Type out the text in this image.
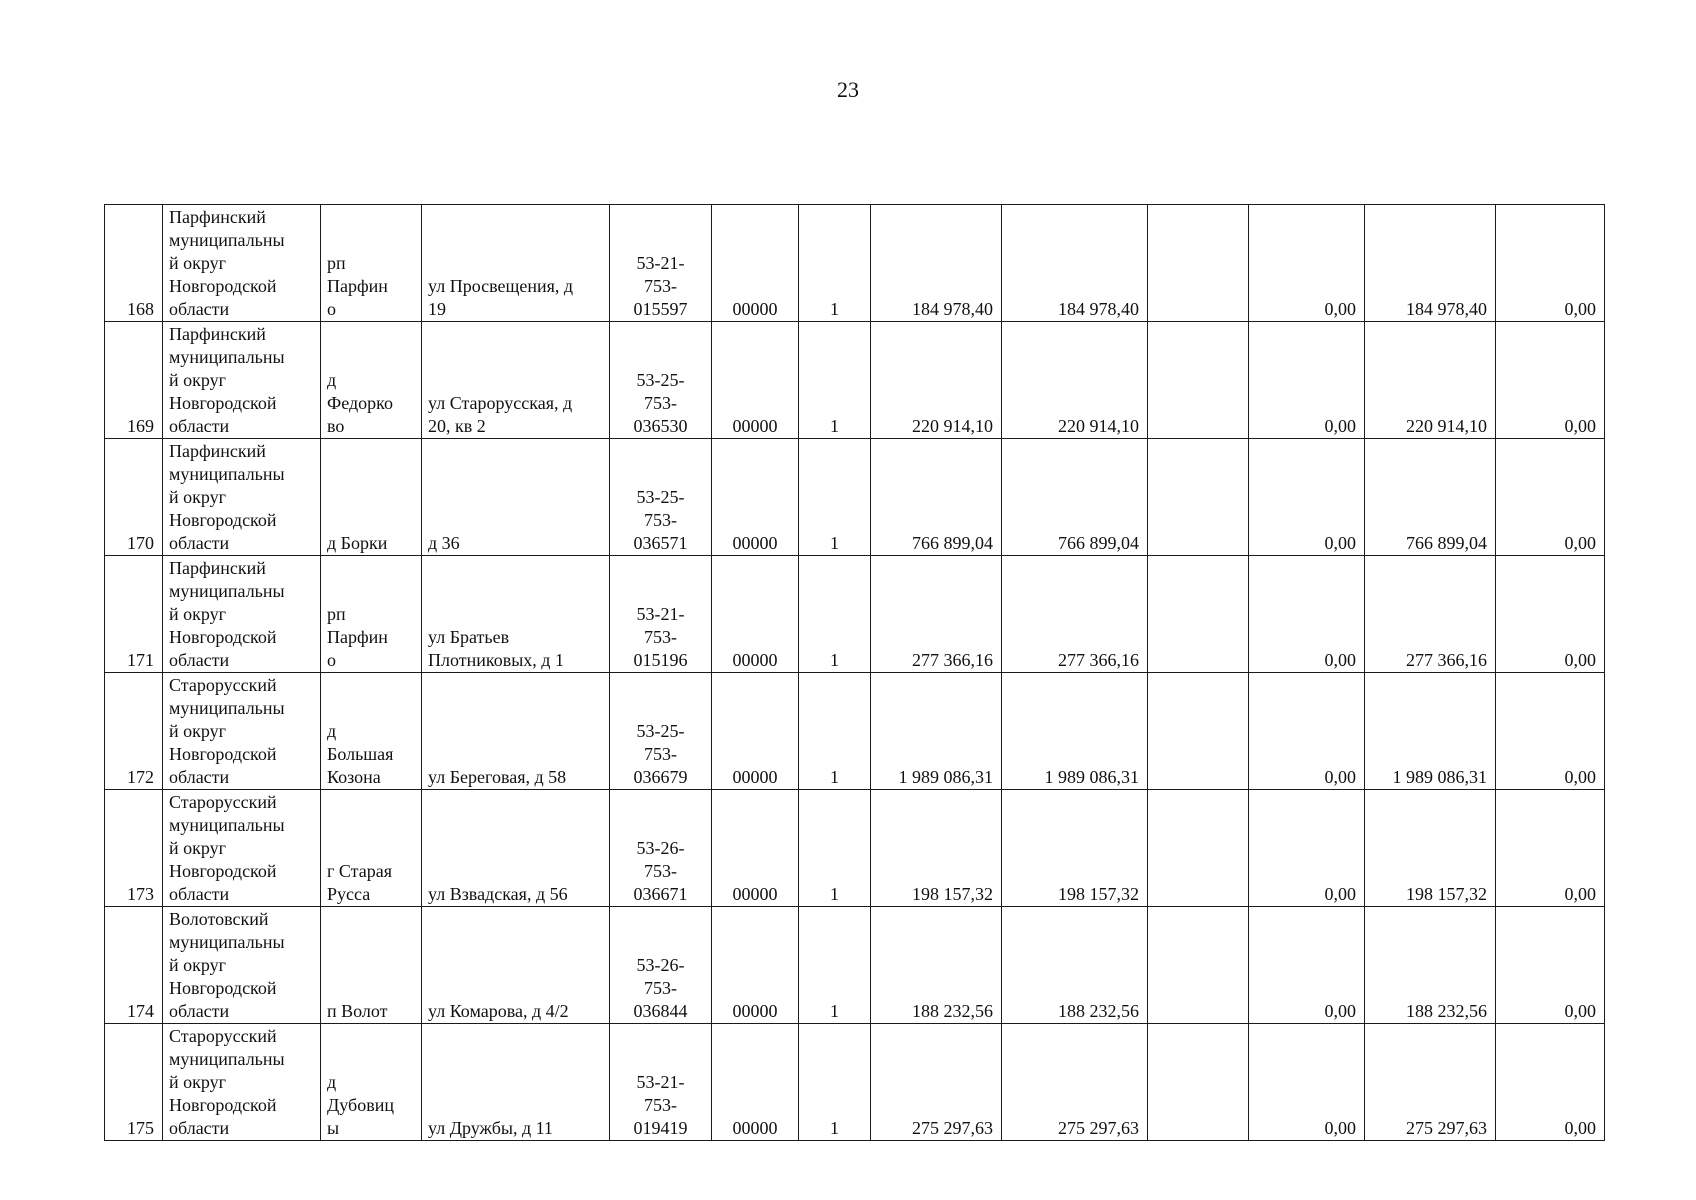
23
168	Парфинский
муниципальны
й округ
Новгородской
области	рп
Парфин
о	ул Просвещения, д
19	53-21-
753-
015597	00000	1	184 978,40	184 978,40		0,00	184 978,40	0,00
169	Парфинский
муниципальны
й округ
Новгородской
области	д
Федорко
во	ул Старорусская, д
20, кв 2	53-25-
753-
036530	00000	1	220 914,10	220 914,10		0,00	220 914,10	0,00
170	Парфинский
муниципальны
й округ
Новгородской
области	д Борки	д 36	53-25-
753-
036571	00000	1	766 899,04	766 899,04		0,00	766 899,04	0,00
171	Парфинский
муниципальны
й округ
Новгородской
области	рп
Парфин
о	ул Братьев
Плотниковых, д 1	53-21-
753-
015196	00000	1	277 366,16	277 366,16		0,00	277 366,16	0,00
172	Старорусский
муниципальны
й округ
Новгородской
области	д
Большая
Козона	ул Береговая, д 58	53-25-
753-
036679	00000	1	1 989 086,31	1 989 086,31		0,00	1 989 086,31	0,00
173	Старорусский
муниципальны
й округ
Новгородской
области	г Старая
Русса	ул Взвадская, д 56	53-26-
753-
036671	00000	1	198 157,32	198 157,32		0,00	198 157,32	0,00
174	Волотовский
муниципальны
й округ
Новгородской
области	п Волот	ул Комарова, д 4/2	53-26-
753-
036844	00000	1	188 232,56	188 232,56		0,00	188 232,56	0,00
175	Старорусский
муниципальны
й округ
Новгородской
области	д
Дубовиц
ы	ул Дружбы, д 11	53-21-
753-
019419	00000	1	275 297,63	275 297,63		0,00	275 297,63	0,00
